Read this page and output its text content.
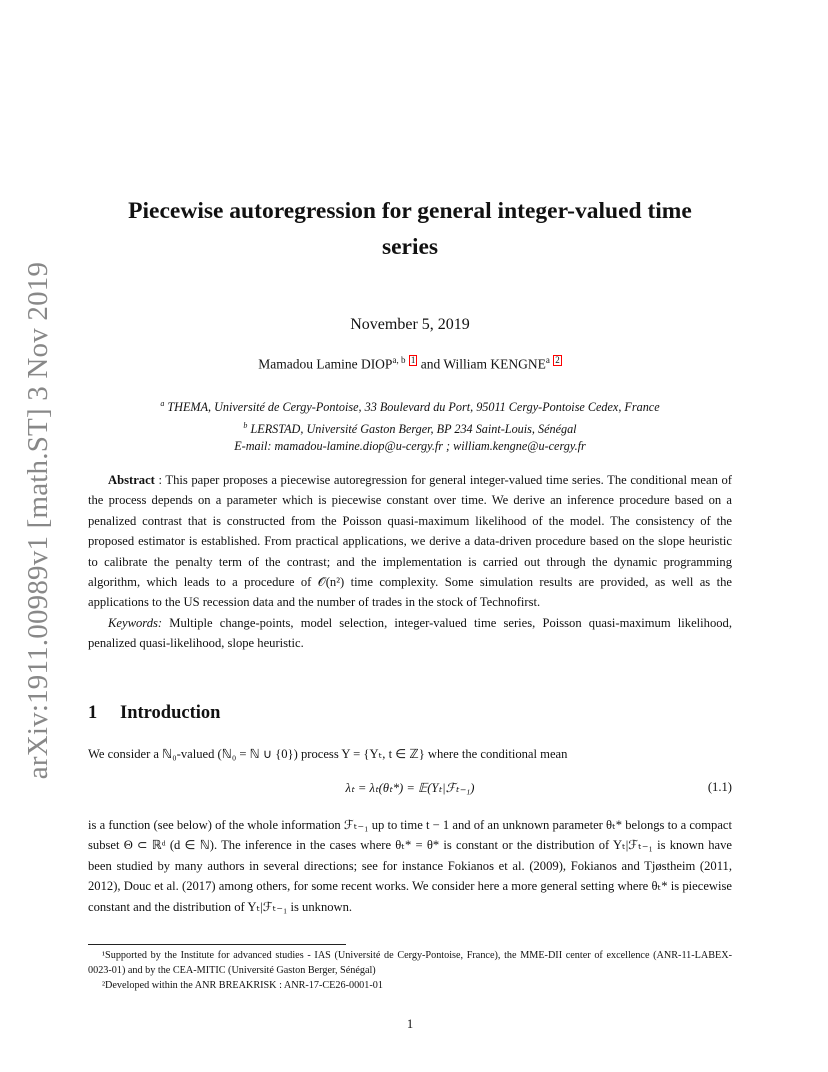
arXiv:1911.00989v1 [math.ST] 3 Nov 2019
Piecewise autoregression for general integer-valued time
series
November 5, 2019
Mamadou Lamine DIOP$^{a, b}$ 1 and William KENGNE$^a$ 2
$^a$ THEMA, Université de Cergy-Pontoise, 33 Boulevard du Port, 95011 Cergy-Pontoise Cedex, France
$^b$ LERSTAD, Université Gaston Berger, BP 234 Saint-Louis, Sénégal
E-mail: mamadou-lamine.diop@u-cergy.fr ; william.kengne@u-cergy.fr

Abstract : This paper proposes a piecewise autoregression for general integer-valued time series. The conditional mean of the process depends on a parameter which is piecewise constant over time. We derive an inference procedure based on a penalized contrast that is constructed from the Poisson quasi-maximum likelihood of the model. The consistency of the proposed estimator is established. From practical applications, we derive a data-driven procedure based on the slope heuristic to calibrate the penalty term of the contrast; and the implementation is carried out through the dynamic programming algorithm, which leads to a procedure of 𝒪(n²) time complexity. Some simulation results are provided, as well as the applications to the US recession data and the number of trades in the stock of Technofirst.

Keywords: Multiple change-points, model selection, integer-valued time series, Poisson quasi-maximum likelihood, penalized quasi-likelihood, slope heuristic.

1 Introduction

We consider a ℕ₀-valued (ℕ₀ = ℕ ∪ {0}) process Y = {Yₜ, t ∈ ℤ} where the conditional mean

λₜ = λₜ(θₜ*) = 𝔼(Yₜ|ℱₜ₋₁)	(1.1)

is a function (see below) of the whole information ℱₜ₋₁ up to time t − 1 and of an unknown parameter θₜ* belongs to a compact subset Θ ⊂ ℝᵈ (d ∈ ℕ). The inference in the cases where θₜ* = θ* is constant or the distribution of Yₜ|ℱₜ₋₁ is known have been studied by many authors in several directions; see for instance Fokianos et al. (2009), Fokianos and Tjøstheim (2011, 2012), Douc et al. (2017) among others, for some recent works. We consider here a more general setting where θₜ* is piecewise constant and the distribution of Yₜ|ℱₜ₋₁ is unknown.

¹Supported by the Institute for advanced studies - IAS (Université de Cergy-Pontoise, France), the MME-DII center of excellence (ANR-11-LABEX-0023-01) and by the CEA-MITIC (Université Gaston Berger, Sénégal)

²Developed within the ANR BREAKRISK : ANR-17-CE26-0001-01

1
